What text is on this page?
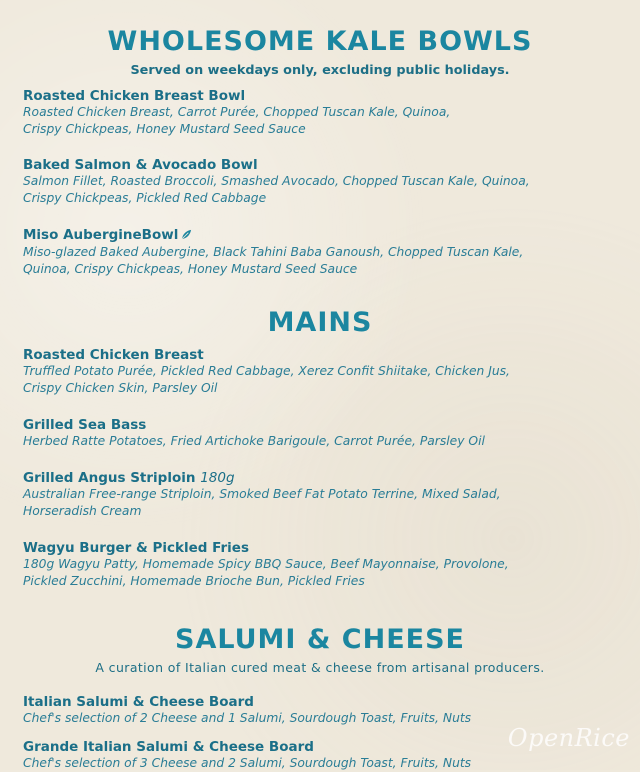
WHOLESOME KALE BOWLS
Served on weekdays only, excluding public holidays.
Roasted Chicken Breast Bowl
Roasted Chicken Breast, Carrot Purée, Chopped Tuscan Kale, Quinoa,
Crispy Chickpeas, Honey Mustard Seed Sauce
Baked Salmon & Avocado Bowl
Salmon Fillet, Roasted Broccoli, Smashed Avocado, Chopped Tuscan Kale, Quinoa,
Crispy Chickpeas, Pickled Red Cabbage
Miso AubergineBowl
Miso-glazed Baked Aubergine, Black Tahini Baba Ganoush, Chopped Tuscan Kale,
Quinoa, Crispy Chickpeas, Honey Mustard Seed Sauce
MAINS
Roasted Chicken Breast
Truffled Potato Purée, Pickled Red Cabbage, Xerez Confit Shiitake, Chicken Jus,
Crispy Chicken Skin, Parsley Oil
Grilled Sea Bass
Herbed Ratte Potatoes, Fried Artichoke Barigoule, Carrot Purée, Parsley Oil
Grilled Angus Striploin 180g
Australian Free-range Striploin, Smoked Beef Fat Potato Terrine, Mixed Salad,
Horseradish Cream
Wagyu Burger & Pickled Fries
180g Wagyu Patty, Homemade Spicy BBQ Sauce, Beef Mayonnaise, Provolone,
Pickled Zucchini, Homemade Brioche Bun, Pickled Fries
SALUMI & CHEESE
A curation of Italian cured meat & cheese from artisanal producers.
Italian Salumi & Cheese Board
Chef's selection of 2 Cheese and 1 Salumi, Sourdough Toast, Fruits, Nuts
Grande Italian Salumi & Cheese Board
Chef's selection of 3 Cheese and 2 Salumi, Sourdough Toast, Fruits, Nuts
OpenRice
